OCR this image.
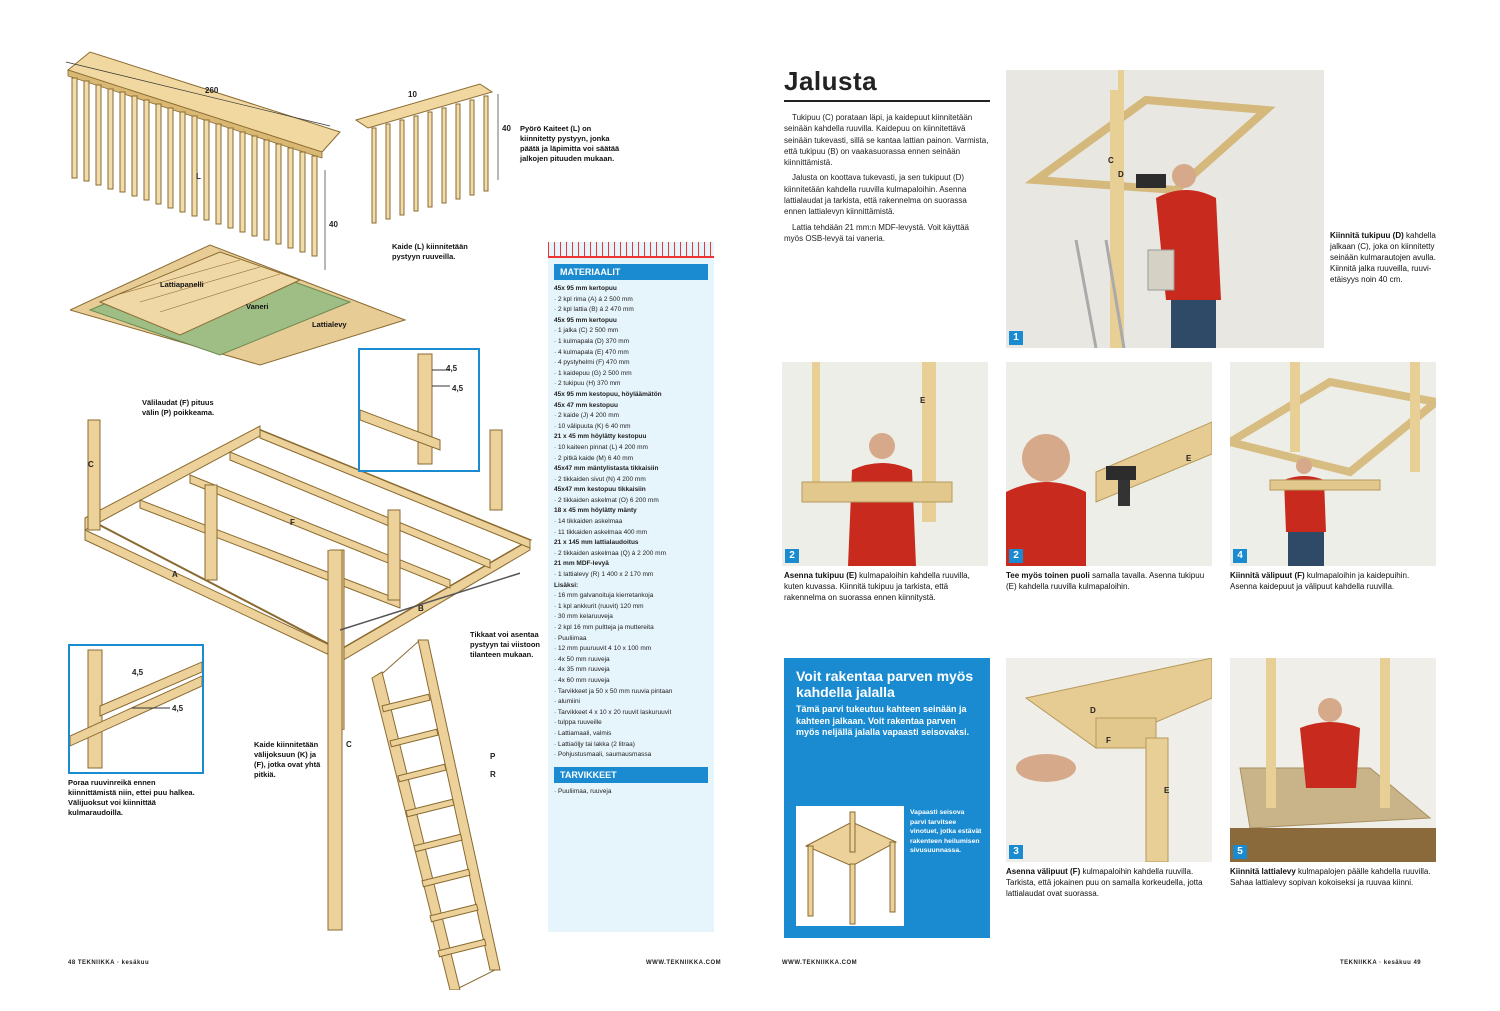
260
40
L
10
40 Pyörö Kaiteet (L) on kiinnitetty pystyyn, jonka päätä ja läpimitta voi säätää jalkojen pituuden mukaan.
Kaide (L) kiinnitetään pystyyn ruuveilla.
Lattiapanelli
Vaneri
Lattialevy
Välilaudat (F) pituus välin (P) poikkeama.
C
A
B
F
C
4,5
4,5
4,5
4,5
Poraa ruuvinreikä ennen kiinnittämistä niin, ettei puu halkea. Välijuoksut voi kiinnittää kulmaraudoilla.
Kaide kiinnitetään välijoksuun (K) ja (F), jotka ovat yhtä pitkiä.
Tikkaat voi asentaa pystyyn tai viistoon tilanteen mukaan.
P
R
MATERIAALIT
45x 95 mm kertopuu
· 2 kpl rima (A) á 2 500 mm
· 2 kpl lattia (B) á 2 470 mm
45x 95 mm kertopuu
· 1 jalka (C) 2 500 mm
· 1 kulmapala (D) 370 mm
· 4 kulmapala (E) 470 mm
· 4 pystyhelmi (F) 470 mm
· 1 kaidepuu (G) 2 500 mm
· 2 tukipuu (H) 370 mm
45x 95 mm kestopuu, höyläämätön
45x 47 mm kestopuu
· 2 kaide (J) 4 200 mm
· 10 välipuuta (K) 6 40 mm
21 x 45 mm höylätty kestopuu
· 10 kaiteen pinnat (L) 4 200 mm
· 2 pitkä kaide (M) 6 40 mm
45x47 mm mäntylistasta tikkaisiin
· 2 tikkaiden sivut (N) 4 200 mm
45x47 mm kestopuu tikkaisiin
· 2 tikkaiden askelmat (O) 6 200 mm
18 x 45 mm höylätty mänty
· 14 tikkaiden askelmaa
· 11 tikkaiden askelmaa 400 mm
21 x 145 mm lattialaudoitus
· 2 tikkaiden askelmaa (Q) á 2 200 mm
21 mm MDF-levyä
· 1 lattialevy (R) 1 400 x 2 170 mm
Lisäksi:
· 16 mm galvanoituja kierretankoja
· 1 kpl ankkurit (ruuvit) 120 mm
· 30 mm kelaruuveja
· 2 kpl 16 mm pultteja ja muttereita
· Puuliimaa
· 12 mm puuruuvit 4 10 x 100 mm
· 4x 50 mm ruuveja
· 4x 35 mm ruuveja
· 4x 60 mm ruuveja
· Tarvikkeet ja 50 x 50 mm ruuvia pintaan
· alumiini
· Tarvikkeet 4 x 10 x 20 ruuvit laskuruuvit
· tulppa ruuveille
· Lattiamaali, valmis
· Lattiaöljy tai lakka (2 litraa)
· Pohjustusmaali, saumausmassa
TARVIKKEET
· Puuliimaa, ruuveja
48 TEKNIIKKA · kesäkuu	WWW.TEKNIIKKA.COM
Jalusta

Tukipuu (C) porataan läpi, ja kaidepuut kiinnitetään seinään kahdella ruuvilla. Kaidepuu on kiinnitettävä seinään tukevasti, sillä se kantaa lattian painon. Varmista, että tukipuu (B) on vaakasuorassa ennen seinään kiinnittämistä.

Jalusta on koottava tukevasti, ja sen tukipuut (D) kiinnitetään kahdella ruuvilla kulmapaloihin. Asenna lattialaudat ja tarkista, että rakennelma on suorassa ennen lattialevyn kiinnittämistä.

Lattia tehdään 21 mm:n MDF-levystä. Voit käyttää myös OSB-levyä tai vaneria.

C
D
1
Kiinnitä tukipuu (D) kahdella jalkaan (C), joka on kiinnitetty seinään kulmarautojen avulla. Kiinnitä jalka ruuveilla, ruuvi-etäisyys noin 40 cm.
E
2
Asenna tukipuu (E) kulmapaloihin kahdella ruuvilla, kuten kuvassa. Kiinnitä tukipuu ja tarkista, että rakennelma on suorassa ennen kiinnitystä.
E
2
Tee myös toinen puoli samalla tavalla. Asenna tukipuu (E) kahdella ruuvilla kulmapaloihin.
4
Kiinnitä välipuut (F) kulmapaloihin ja kaidepuihin. Asenna kaidepuut ja välipuut kahdella ruuvilla.
Voit rakentaa parven myös kahdella jalalla
Tämä parvi tukeutuu kahteen seinään ja kahteen jalkaan. Voit rakentaa parven myös neljällä jalalla vapaasti seisovaksi.
Vapaasti seisova parvi tarvitsee vinotuet, jotka estävät rakenteen heilumisen sivusuunnassa.
D
F
E
3
Asenna välipuut (F) kulmapaloihin kahdella ruuvilla. Tarkista, että jokainen puu on samalla korkeudella, jotta lattialaudat ovat suorassa.
5
Kiinnitä lattialevy kulmapalojen päälle kahdella ruuvilla. Sahaa lattialevy sopivan kokoiseksi ja ruuvaa kiinni.
WWW.TEKNIIKKA.COM	TEKNIIKKA · kesäkuu 49
